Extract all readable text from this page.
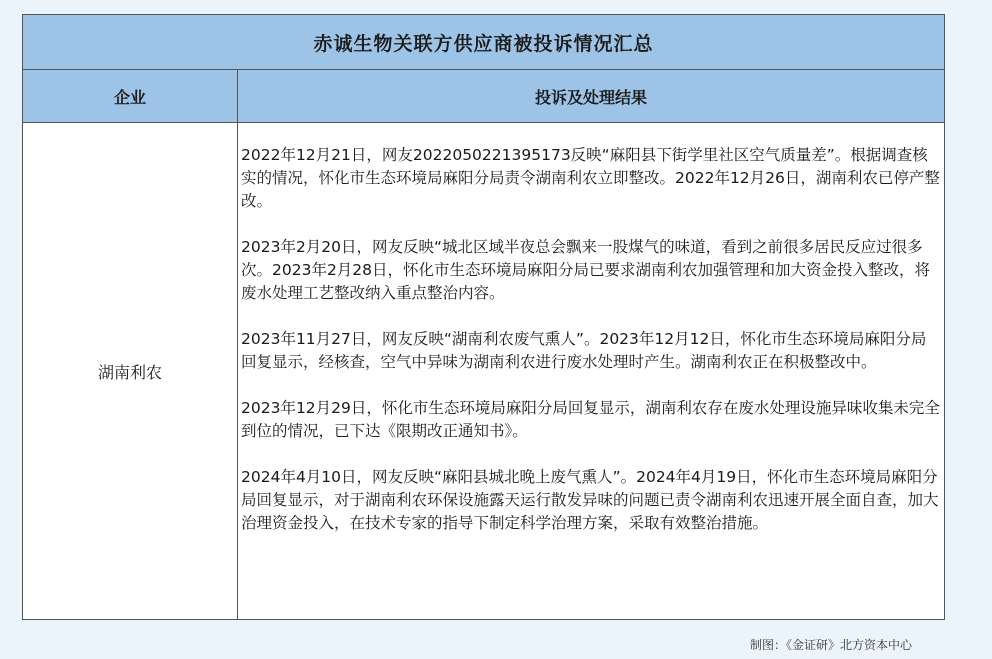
赤诚生物关联方供应商被投诉情况汇总
企业	投诉及处理结果
湖南利农

2022年12月21日，网友2022050221395173反映“麻阳县下街学里社区空气质量差”。根据调查核实的情况，怀化市生态环境局麻阳分局责令湖南利农立即整改。2022年12月26日，湖南利农已停产整改。

2023年2月20日，网友反映“城北区域半夜总会飘来一股煤气的味道，看到之前很多居民反应过很多次。2023年2月28日，怀化市生态环境局麻阳分局已要求湖南利农加强管理和加大资金投入整改，将废水处理工艺整改纳入重点整治内容。

2023年11月27日，网友反映“湖南利农废气熏人”。2023年12月12日，怀化市生态环境局麻阳分局回复显示，经核查，空气中异味为湖南利农进行废水处理时产生。湖南利农正在积极整改中。

2023年12月29日，怀化市生态环境局麻阳分局回复显示，湖南利农存在废水处理设施异味收集未完全到位的情况，已下达《限期改正通知书》。

2024年4月10日，网友反映“麻阳县城北晚上废气熏人”。2024年4月19日，怀化市生态环境局麻阳分局回复显示，对于湖南利农环保设施露天运行散发异味的问题已责令湖南利农迅速开展全面自查，加大治理资金投入，在技术专家的指导下制定科学治理方案，采取有效整治措施。

制图：《金证研》北方资本中心
